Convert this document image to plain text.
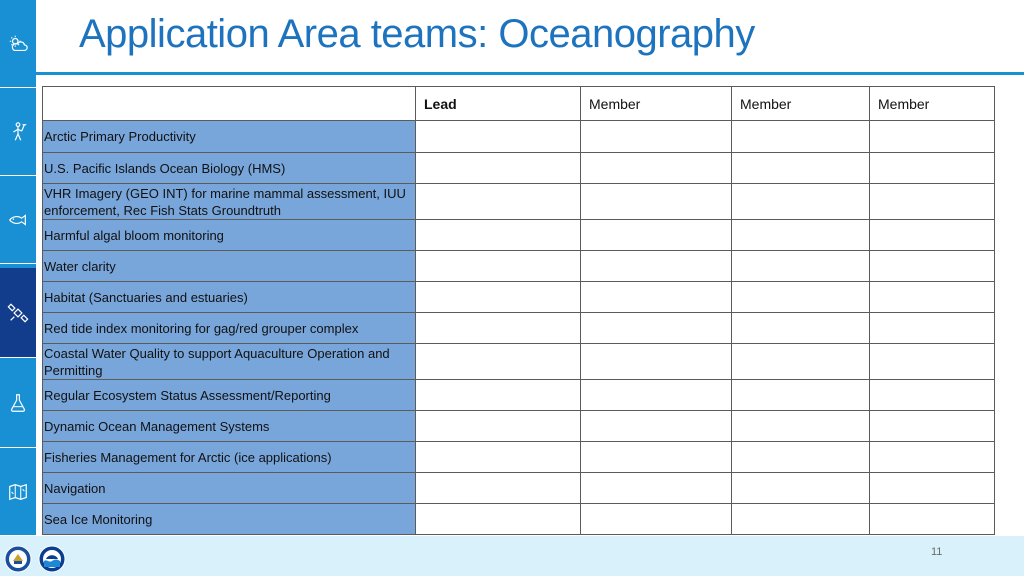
Application Area teams: Oceanography
	Lead	Member	Member	Member
Arctic Primary Productivity				
U.S. Pacific Islands Ocean Biology (HMS)				
VHR Imagery (GEO INT) for marine mammal assessment, IUU enforcement, Rec Fish Stats Groundtruth				
Harmful algal bloom monitoring				
Water clarity				
Habitat (Sanctuaries and estuaries)				
Red tide index monitoring for gag/red grouper complex				
Coastal Water Quality to support Aquaculture Operation and Permitting				
Regular Ecosystem Status Assessment/Reporting				
Dynamic Ocean Management Systems				
Fisheries Management for Arctic (ice applications)				
Navigation				
Sea Ice Monitoring				
11
